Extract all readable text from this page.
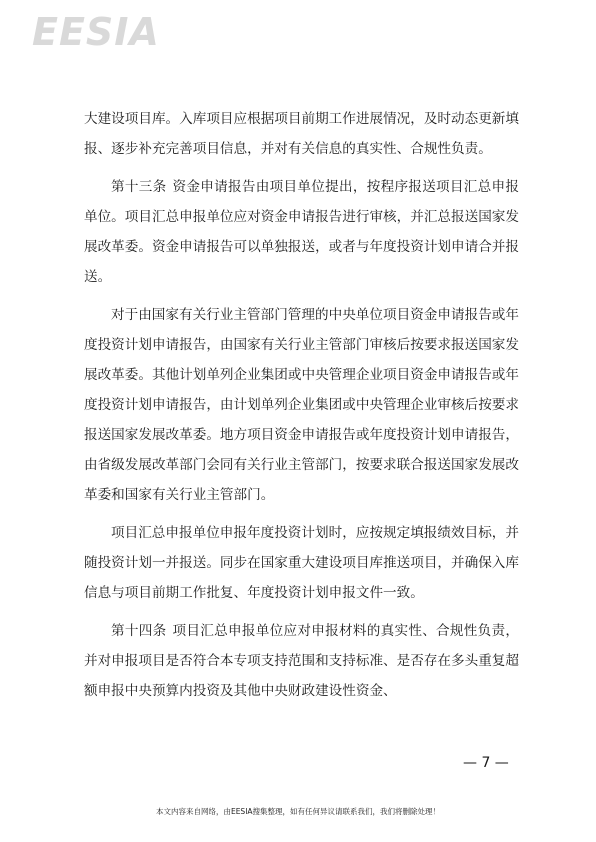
EESIA

大建设项目库。入库项目应根据项目前期工作进展情况，及时动态更新填报、逐步补充完善项目信息，并对有关信息的真实性、合规性负责。

第十三条 资金申请报告由项目单位提出，按程序报送项目汇总申报单位。项目汇总申报单位应对资金申请报告进行审核，并汇总报送国家发展改革委。资金申请报告可以单独报送，或者与年度投资计划申请合并报送。

对于由国家有关行业主管部门管理的中央单位项目资金申请报告或年度投资计划申请报告，由国家有关行业主管部门审核后按要求报送国家发展改革委。其他计划单列企业集团或中央管理企业项目资金申请报告或年度投资计划申请报告，由计划单列企业集团或中央管理企业审核后按要求报送国家发展改革委。地方项目资金申请报告或年度投资计划申请报告，由省级发展改革部门会同有关行业主管部门，按要求联合报送国家发展改革委和国家有关行业主管部门。

项目汇总申报单位申报年度投资计划时，应按规定填报绩效目标，并随投资计划一并报送。同步在国家重大建设项目库推送项目，并确保入库信息与项目前期工作批复、年度投资计划申报文件一致。

第十四条 项目汇总申报单位应对申报材料的真实性、合规性负责，并对申报项目是否符合本专项支持范围和支持标准、是否存在多头重复超额申报中央预算内投资及其他中央财政建设性资金、

— 7 —
本文内容来自网络，由EESIA搜集整理，如有任何异议请联系我们，我们将删除处理！
